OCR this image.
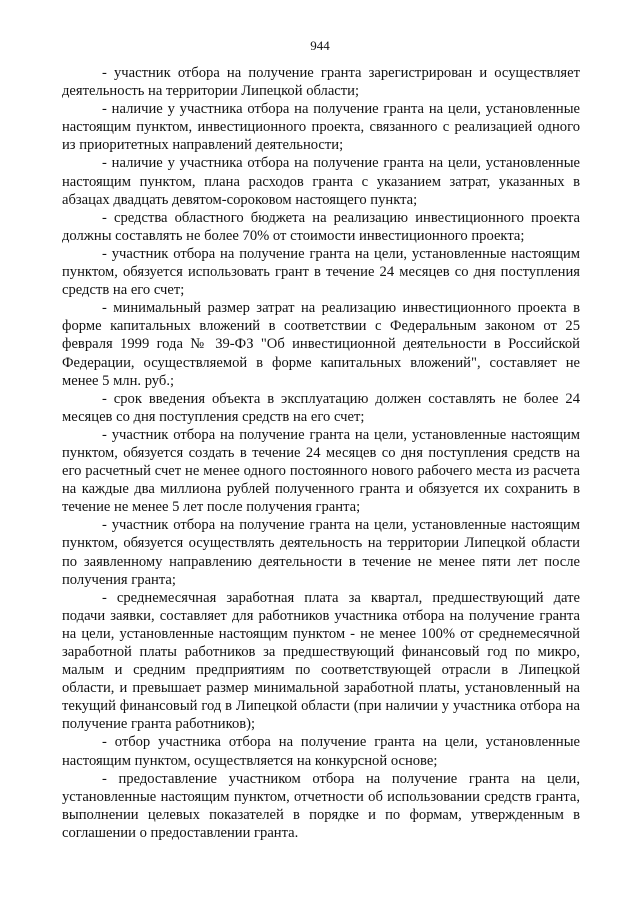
944

- участник отбора на получение гранта зарегистрирован и осуществляет деятельность на территории Липецкой области;

- наличие у участника отбора на получение гранта на цели, установленные настоящим пунктом, инвестиционного проекта, связанного с реализацией одного из приоритетных направлений деятельности;

- наличие у участника отбора на получение гранта на цели, установленные настоящим пунктом, плана расходов гранта с указанием затрат, указанных в абзацах двадцать девятом-сороковом настоящего пункта;

- средства областного бюджета на реализацию инвестиционного проекта должны составлять не более 70% от стоимости инвестиционного проекта;

- участник отбора на получение гранта на цели, установленные настоящим пунктом, обязуется использовать грант в течение 24 месяцев со дня поступления средств на его счет;

- минимальный размер затрат на реализацию инвестиционного проекта в форме капитальных вложений в соответствии с Федеральным законом от 25 февраля 1999 года № 39-ФЗ "Об инвестиционной деятельности в Российской Федерации, осуществляемой в форме капитальных вложений", составляет не менее 5 млн. руб.;

- срок введения объекта в эксплуатацию должен составлять не более 24 месяцев со дня поступления средств на его счет;

- участник отбора на получение гранта на цели, установленные настоящим пунктом, обязуется создать в течение 24 месяцев со дня поступления средств на его расчетный счет не менее одного постоянного нового рабочего места из расчета на каждые два миллиона рублей полученного гранта и обязуется их сохранить в течение не менее 5 лет после получения гранта;

- участник отбора на получение гранта на цели, установленные настоящим пунктом, обязуется осуществлять деятельность на территории Липецкой области по заявленному направлению деятельности в течение не менее пяти лет после получения гранта;

- среднемесячная заработная плата за квартал, предшествующий дате подачи заявки, составляет для работников участника отбора на получение гранта на цели, установленные настоящим пунктом - не менее 100% от среднемесячной заработной платы работников за предшествующий финансовый год по микро, малым и средним предприятиям по соответствующей отрасли в Липецкой области, и превышает размер минимальной заработной платы, установленный на текущий финансовый год в Липецкой области (при наличии у участника отбора на получение гранта работников);

- отбор участника отбора на получение гранта на цели, установленные настоящим пунктом, осуществляется на конкурсной основе;

- предоставление участником отбора на получение гранта на цели, установленные настоящим пунктом, отчетности об использовании средств гранта, выполнении целевых показателей в порядке и по формам, утвержденным в соглашении о предоставлении гранта.
